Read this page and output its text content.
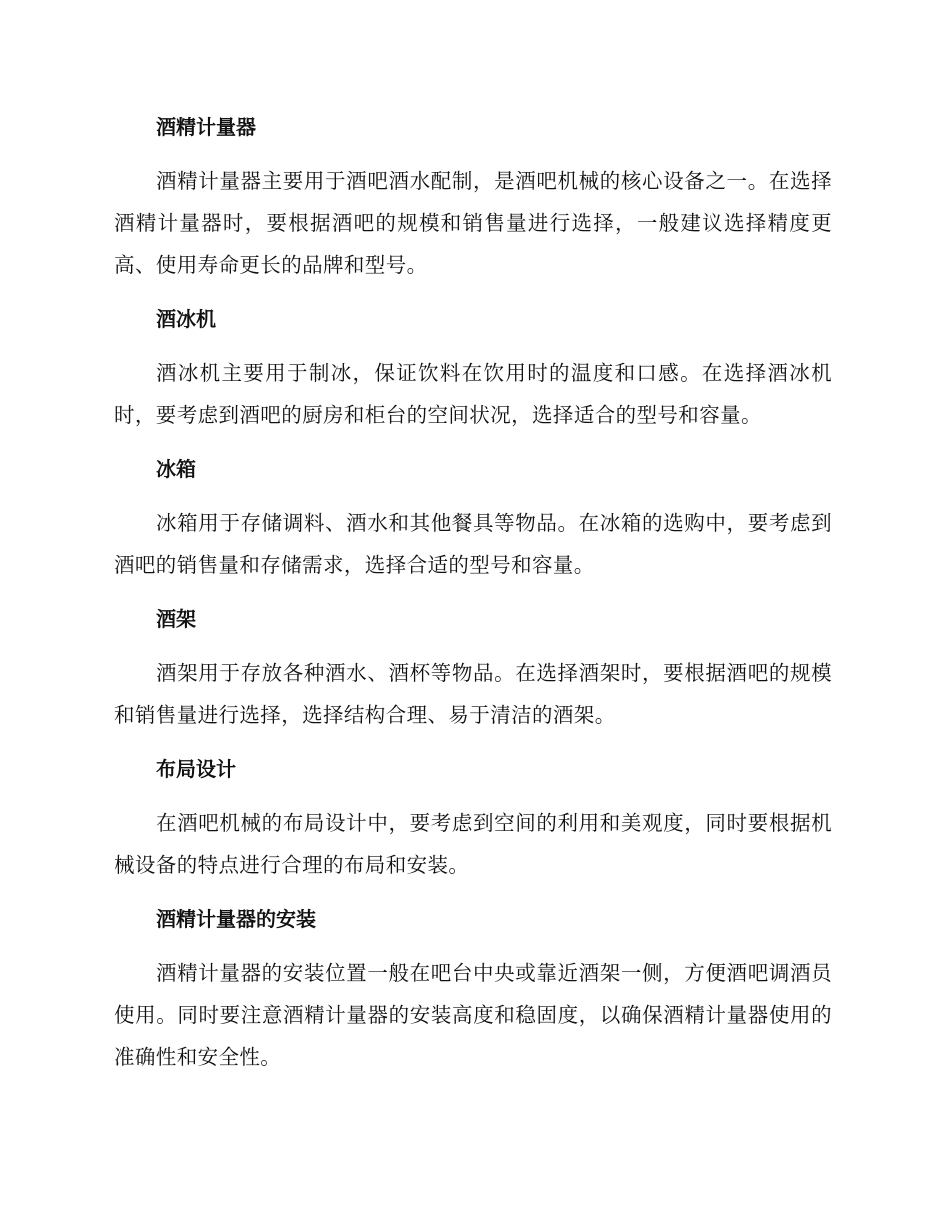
酒精计量器

酒精计量器主要用于酒吧酒水配制，是酒吧机械的核心设备之一。在选择酒精计量器时，要根据酒吧的规模和销售量进行选择，一般建议选择精度更高、使用寿命更长的品牌和型号。

酒冰机

酒冰机主要用于制冰，保证饮料在饮用时的温度和口感。在选择酒冰机时，要考虑到酒吧的厨房和柜台的空间状况，选择适合的型号和容量。

冰箱

冰箱用于存储调料、酒水和其他餐具等物品。在冰箱的选购中，要考虑到酒吧的销售量和存储需求，选择合适的型号和容量。

酒架

酒架用于存放各种酒水、酒杯等物品。在选择酒架时，要根据酒吧的规模和销售量进行选择，选择结构合理、易于清洁的酒架。

布局设计

在酒吧机械的布局设计中，要考虑到空间的利用和美观度，同时要根据机械设备的特点进行合理的布局和安装。

酒精计量器的安装

酒精计量器的安装位置一般在吧台中央或靠近酒架一侧，方便酒吧调酒员使用。同时要注意酒精计量器的安装高度和稳固度，以确保酒精计量器使用的准确性和安全性。
